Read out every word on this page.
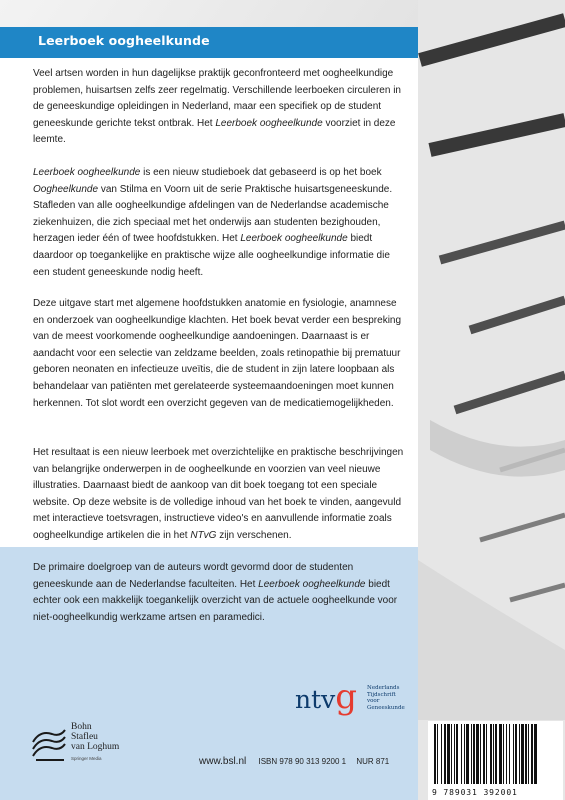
Leerboek oogheelkunde

Veel artsen worden in hun dagelijkse praktijk geconfronteerd met oogheelkundige problemen, huisartsen zelfs zeer regelmatig. Verschillende leerboeken circuleren in de geneeskundige opleidingen in Nederland, maar een specifiek op de student geneeskunde gerichte tekst ontbrak. Het Leerboek oogheelkunde voorziet in deze leemte.

Leerboek oogheelkunde is een nieuw studieboek dat gebaseerd is op het boek Oogheelkunde van Stilma en Voorn uit de serie Praktische huisartsgeneeskunde. Stafleden van alle oogheelkundige afdelingen van de Nederlandse academische ziekenhuizen, die zich speciaal met het onderwijs aan studenten bezighouden, herzagen ieder één of twee hoofdstukken. Het Leerboek oogheelkunde biedt daardoor op toegankelijke en praktische wijze alle oogheelkundige informatie die een student geneeskunde nodig heeft.

Deze uitgave start met algemene hoofdstukken anatomie en fysiologie, anamnese en onderzoek van oogheelkundige klachten. Het boek bevat verder een bespreking van de meest voorkomende oogheelkundige aandoeningen. Daarnaast is er aandacht voor een selectie van zeldzame beelden, zoals retinopathie bij prematuur geboren neonaten en infectieuze uveïtis, die de student in zijn latere loopbaan als behandelaar van patiënten met gerelateerde systeemaandoeningen moet kunnen herkennen. Tot slot wordt een overzicht gegeven van de medicatiemogelijkheden.

Het resultaat is een nieuw leerboek met overzichtelijke en praktische beschrijvingen van belangrijke onderwerpen in de oogheelkunde en voorzien van veel nieuwe illustraties. Daarnaast biedt de aankoop van dit boek toegang tot een speciale website. Op deze website is de volledige inhoud van het boek te vinden, aangevuld met interactieve toetsvragen, instructieve video's en aanvullende informatie zoals oogheelkundige artikelen die in het NTvG zijn verschenen.

De primaire doelgroep van de auteurs wordt gevormd door de studenten geneeskunde aan de Nederlandse faculteiten. Het Leerboek oogheelkunde biedt echter ook een makkelijk toegankelijk overzicht van de actuele oogheelkunde voor niet-oogheelkundig werkzame artsen en paramedici.

Bohn
Stafleu
van Loghum
Springer Media	www.bsl.nl ISBN 978 90 313 9200 1 NUR 871
ntvg Nederlands
Tijdschrift
voor
Geneeskunde
9 789031 392001
